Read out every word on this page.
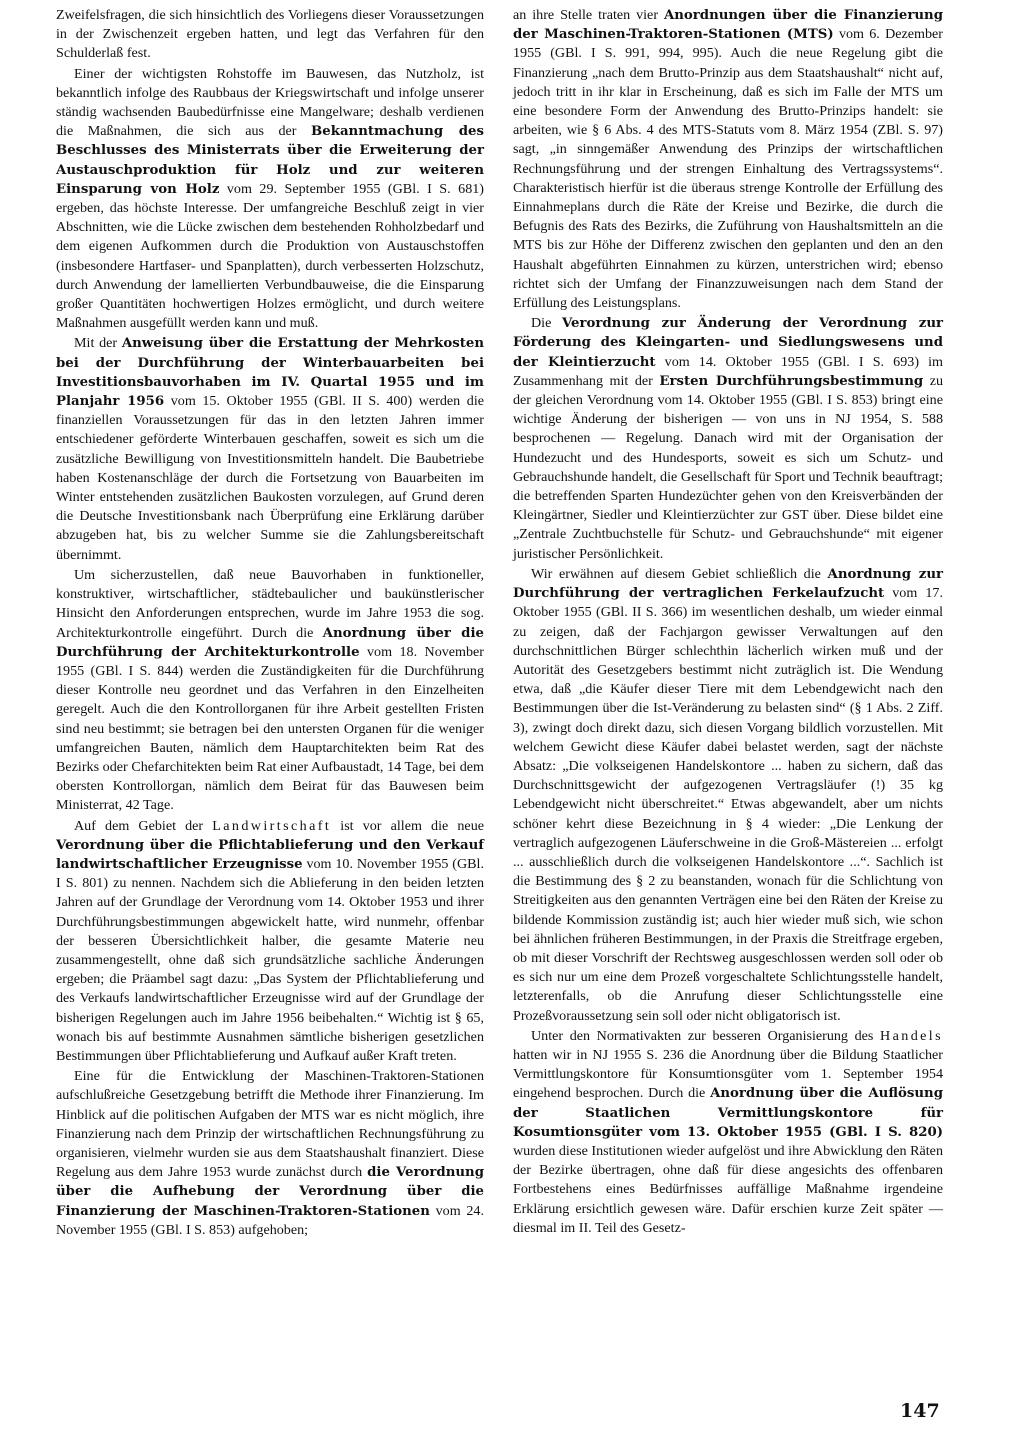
Zweifelsfragen, die sich hinsichtlich des Vorliegens dieser Voraussetzungen in der Zwischenzeit ergeben hatten, und legt das Verfahren für den Schulderlaß fest.

Einer der wichtigsten Rohstoffe im Bauwesen, das Nutzholz, ist bekanntlich infolge des Raubbaus der Kriegswirtschaft und infolge unserer ständig wachsenden Baubedürfnisse eine Mangelware; deshalb verdienen die Maßnahmen, die sich aus der Bekanntmachung des Beschlusses des Ministerrats über die Erweiterung der Austauschproduktion für Holz und zur weiteren Einsparung von Holz vom 29. September 1955 (GBl. I S. 681) ergeben, das höchste Interesse. Der umfangreiche Beschluß zeigt in vier Abschnitten, wie die Lücke zwischen dem bestehenden Rohholzbedarf und dem eigenen Aufkommen durch die Produktion von Austauschstoffen (insbesondere Hartfaser- und Spanplatten), durch verbesserten Holzschutz, durch Anwendung der lamellierten Verbundbauweise, die die Einsparung großer Quantitäten hochwertigen Holzes ermöglicht, und durch weitere Maßnahmen ausgefüllt werden kann und muß.

Mit der Anweisung über die Erstattung der Mehrkosten bei der Durchführung der Winterbauarbeiten bei Investitionsbauvorhaben im IV. Quartal 1955 und im Planjahr 1956 vom 15. Oktober 1955 (GBl. II S. 400) werden die finanziellen Voraussetzungen für das in den letzten Jahren immer entschiedener geförderte Winterbauen geschaffen, soweit es sich um die zusätzliche Bewilligung von Investitionsmitteln handelt. Die Baubetriebe haben Kostenanschläge der durch die Fortsetzung von Bauarbeiten im Winter entstehenden zusätzlichen Baukosten vorzulegen, auf Grund deren die Deutsche Investitionsbank nach Überprüfung eine Erklärung darüber abzugeben hat, bis zu welcher Summe sie die Zahlungsbereitschaft übernimmt.

Um sicherzustellen, daß neue Bauvorhaben in funktioneller, konstruktiver, wirtschaftlicher, städtebaulicher und baukünstlerischer Hinsicht den Anforderungen entsprechen, wurde im Jahre 1953 die sog. Architekturkontrolle eingeführt. Durch die Anordnung über die Durchführung der Architekturkontrolle vom 18. November 1955 (GBl. I S. 844) werden die Zuständigkeiten für die Durchführung dieser Kontrolle neu geordnet und das Verfahren in den Einzelheiten geregelt. Auch die den Kontrollorganen für ihre Arbeit gestellten Fristen sind neu bestimmt; sie betragen bei den untersten Organen für die weniger umfangreichen Bauten, nämlich dem Hauptarchitekten beim Rat des Bezirks oder Chefarchitekten beim Rat einer Aufbaustadt, 14 Tage, bei dem obersten Kontrollorgan, nämlich dem Beirat für das Bauwesen beim Ministerrat, 42 Tage.

Auf dem Gebiet der Landwirtschaft ist vor allem die neue Verordnung über die Pflichtablieferung und den Verkauf landwirtschaftlicher Erzeugnisse vom 10. November 1955 (GBl. I S. 801) zu nennen. Nachdem sich die Ablieferung in den beiden letzten Jahren auf der Grundlage der Verordnung vom 14. Oktober 1953 und ihrer Durchführungsbestimmungen abgewickelt hatte, wird nunmehr, offenbar der besseren Übersichtlichkeit halber, die gesamte Materie neu zusammengestellt, ohne daß sich grundsätzliche sachliche Änderungen ergeben; die Präambel sagt dazu: „Das System der Pflichtablieferung und des Verkaufs landwirtschaftlicher Erzeugnisse wird auf der Grundlage der bisherigen Regelungen auch im Jahre 1956 beibehalten.“ Wichtig ist § 65, wonach bis auf bestimmte Ausnahmen sämtliche bisherigen gesetzlichen Bestimmungen über Pflichtablieferung und Aufkauf außer Kraft treten.

Eine für die Entwicklung der Maschinen-Traktoren-Stationen aufschlußreiche Gesetzgebung betrifft die Methode ihrer Finanzierung. Im Hinblick auf die politischen Aufgaben der MTS war es nicht möglich, ihre Finanzierung nach dem Prinzip der wirtschaftlichen Rechnungsführung zu organisieren, vielmehr wurden sie aus dem Staatshaushalt finanziert. Diese Regelung aus dem Jahre 1953 wurde zunächst durch die Verordnung über die Aufhebung der Verordnung über die Finanzierung der Maschinen-Traktoren-Stationen vom 24. November 1955 (GBl. I S. 853) aufgehoben;

an ihre Stelle traten vier Anordnungen über die Finanzierung der Maschinen-Traktoren-Stationen (MTS) vom 6. Dezember 1955 (GBl. I S. 991, 994, 995). Auch die neue Regelung gibt die Finanzierung „nach dem Brutto-Prinzip aus dem Staatshaushalt“ nicht auf, jedoch tritt in ihr klar in Erscheinung, daß es sich im Falle der MTS um eine besondere Form der Anwendung des Brutto-Prinzips handelt: sie arbeiten, wie § 6 Abs. 4 des MTS-Statuts vom 8. März 1954 (ZBl. S. 97) sagt, „in sinngemäßer Anwendung des Prinzips der wirtschaftlichen Rechnungsführung und der strengen Einhaltung des Vertragssystems“. Charakteristisch hierfür ist die überaus strenge Kontrolle der Erfüllung des Einnahmeplans durch die Räte der Kreise und Bezirke, die durch die Befugnis des Rats des Bezirks, die Zuführung von Haushaltsmitteln an die MTS bis zur Höhe der Differenz zwischen den geplanten und den an den Haushalt abgeführten Einnahmen zu kürzen, unterstrichen wird; ebenso richtet sich der Umfang der Finanzzuweisungen nach dem Stand der Erfüllung des Leistungsplans.

Die Verordnung zur Änderung der Verordnung zur Förderung des Kleingarten- und Siedlungswesens und der Kleintierzucht vom 14. Oktober 1955 (GBl. I S. 693) im Zusammenhang mit der Ersten Durchführungsbestimmung zu der gleichen Verordnung vom 14. Oktober 1955 (GBl. I S. 853) bringt eine wichtige Änderung der bisherigen — von uns in NJ 1954, S. 588 besprochenen — Regelung. Danach wird mit der Organisation der Hundezucht und des Hundesports, soweit es sich um Schutz- und Gebrauchshunde handelt, die Gesellschaft für Sport und Technik beauftragt; die betreffenden Sparten Hundezüchter gehen von den Kreisverbänden der Kleingärtner, Siedler und Kleintierzüchter zur GST über. Diese bildet eine „Zentrale Zuchtbuchstelle für Schutz- und Gebrauchshunde“ mit eigener juristischer Persönlichkeit.

Wir erwähnen auf diesem Gebiet schließlich die Anordnung zur Durchführung der vertraglichen Ferkelaufzucht vom 17. Oktober 1955 (GBl. II S. 366) im wesentlichen deshalb, um wieder einmal zu zeigen, daß der Fachjargon gewisser Verwaltungen auf den durchschnittlichen Bürger schlechthin lächerlich wirken muß und der Autorität des Gesetzgebers bestimmt nicht zuträglich ist. Die Wendung etwa, daß „die Käufer dieser Tiere mit dem Lebendgewicht nach den Bestimmungen über die Ist-Veränderung zu belasten sind“ (§ 1 Abs. 2 Ziff. 3), zwingt doch direkt dazu, sich diesen Vorgang bildlich vorzustellen. Mit welchem Gewicht diese Käufer dabei belastet werden, sagt der nächste Absatz: „Die volkseigenen Handelskontore ... haben zu sichern, daß das Durchschnittsgewicht der aufgezogenen Vertragsläufer (!) 35 kg Lebendgewicht nicht überschreitet.“ Etwas abgewandelt, aber um nichts schöner kehrt diese Bezeichnung in § 4 wieder: „Die Lenkung der vertraglich aufgezogenen Läuferschweine in die Groß-Mästereien ... erfolgt ... ausschließlich durch die volkseigenen Handelskontore ...“. Sachlich ist die Bestimmung des § 2 zu beanstanden, wonach für die Schlichtung von Streitigkeiten aus den genannten Verträgen eine bei den Räten der Kreise zu bildende Kommission zuständig ist; auch hier wieder muß sich, wie schon bei ähnlichen früheren Bestimmungen, in der Praxis die Streitfrage ergeben, ob mit dieser Vorschrift der Rechtsweg ausgeschlossen werden soll oder ob es sich nur um eine dem Prozeß vorgeschaltete Schlichtungsstelle handelt, letzterenfalls, ob die Anrufung dieser Schlichtungsstelle eine Prozeßvoraussetzung sein soll oder nicht obligatorisch ist.

Unter den Normativakten zur besseren Organisierung des Handels hatten wir in NJ 1955 S. 236 die Anordnung über die Bildung Staatlicher Vermittlungskontore für Konsumtionsgüter vom 1. September 1954 eingehend besprochen. Durch die Anordnung über die Auflösung der Staatlichen Vermittlungskontore für Kosumtionsgüter vom 13. Oktober 1955 (GBl. I S. 820) wurden diese Institutionen wieder aufgelöst und ihre Abwicklung den Räten der Bezirke übertragen, ohne daß für diese angesichts des offenbaren Fortbestehens eines Bedürfnisses auffällige Maßnahme irgendeine Erklärung ersichtlich gewesen wäre. Dafür erschien kurze Zeit später — diesmal im II. Teil des Gesetz-

147
